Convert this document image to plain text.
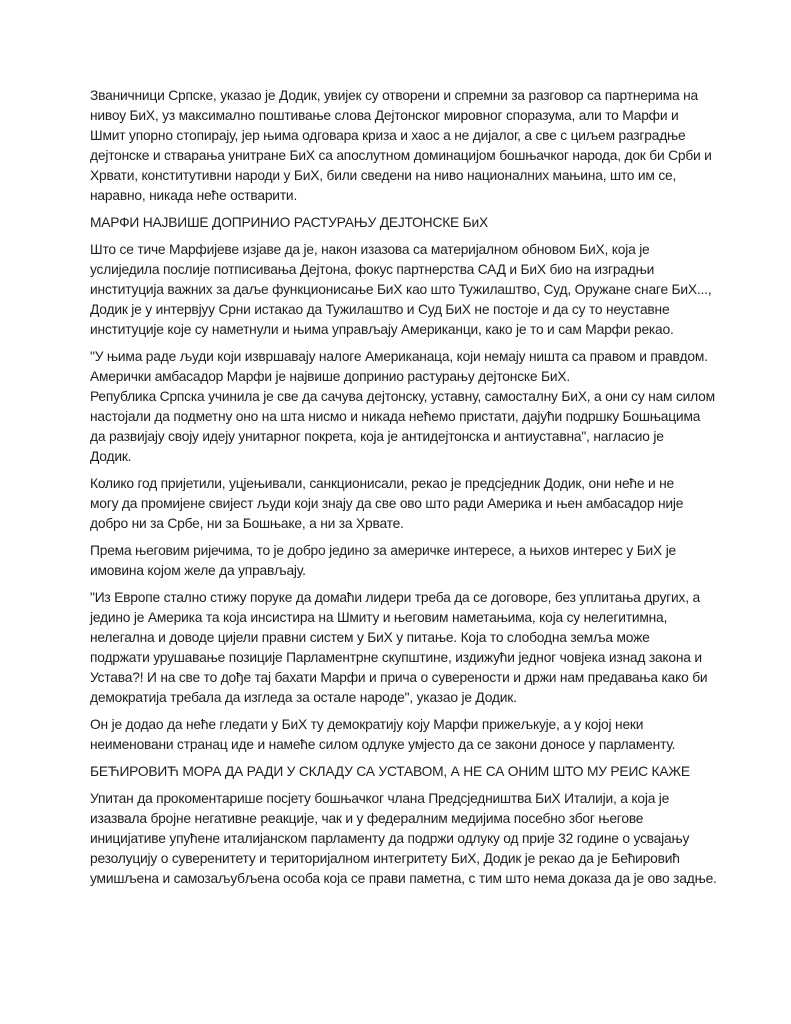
Званичници Српске, указао је Додик, увијек су отворени и спремни за разговор са партнерима на
нивоу БиХ, уз максимално поштивање слова Дејтонског мировног споразума, али то Марфи и
Шмит упорно стопирају, јер њима одговара криза и хаос а не дијалог, а све с циљем разградње
дејтонске и стварања унитране БиХ са апослутном доминацијом бошњачког народа, док би Срби и
Хрвати, конститутивни народи у БиХ, били сведени на ниво националних мањина, што им се,
наравно, никада неће остварити.
МАРФИ НАЈВИШЕ ДОПРИНИО РАСТУРАЊУ ДЕЈТОНСКЕ БиХ
Што се тиче Марфијеве изјаве да је, након изазова са материјалном обновом БиХ, која је
услиједила послије потписивања Дејтона, фокус партнерства САД и БиХ био на изградњи
институција важних за даље функционисање БиХ као што Тужилаштво, Суд, Оружане снаге БиХ...,
Додик је у интервјуу Срни истакао да Тужилаштво и Суд БиХ не постоје и да су то неуставне
институције које су наметнули и њима управљају Американци, како је то и сам Марфи рекао.
"У њима раде људи који извршавају налоге Американаца, који немају ништа са правом и правдом.
Амерички амбасадор Марфи је највише допринио растурању дејтонске БиХ.
Република Српска учинила је све да сачува дејтонску, уставну, самосталну БиХ, а они су нам силом
настојали да подметну оно на шта нисмо и никада нећемо пристати, дајући подршку Бошњацима
да развијају своју идеју унитарног покрета, која је антидејтонска и антиуставна", нагласио је
Додик.
Колико год пријетили, уцјењивали, санкционисали, рекао је предсједник Додик, они неће и не
могу да промијене свијест људи који знају да све ово што ради Америка и њен амбасадор није
добро ни за Србе, ни за Бошњаке, а ни за Хрвате.
Према његовим ријечима, то је добро једино за америчке интересе, а њихов интерес у БиХ је
имовина којом желе да управљају.
"Из Европе стално стижу поруке да домаћи лидери треба да се договоре, без уплитања других, а
једино је Америка та која инсистира на Шмиту и његовим наметањима, која су нелегитимна,
нелегална и доводе цијели правни систем у БиХ у питање. Која то слободна земља може
подржати урушавање позиције Парламентрне скупштине, издижући једног човјека изнад закона и
Устава?! И на све то дође тај бахати Марфи и прича о суверености и држи нам предавања како би
демократија требала да изгледа за остале народе", указао је Додик.
Он је додао да неће гледати у БиХ ту демократију коју Марфи прижељкује, а у којој неки
неименовани странац иде и намеће силом одлуке умјесто да се закони доносе у парламенту.
БЕЋИРОВИЋ МОРА ДА РАДИ У СКЛАДУ СА УСТАВОМ, А НЕ СА ОНИМ ШТО МУ РЕИС КАЖЕ
Упитан да прокоментарише посјету бошњачког члана Предсједништва БиХ Италији, а која је
изазвала бројне негативне реакције, чак и у федералним медијима посебно због његове
иницијативе упућене италијанском парламенту да подржи одлуку од прије 32 године о усвајању
резолуцију о суверенитету и територијалном интегритету БиХ, Додик је рекао да је Бећировић
умишљена и самозаљубљена особа која се прави паметна, с тим што нема доказа да је ово задње.
